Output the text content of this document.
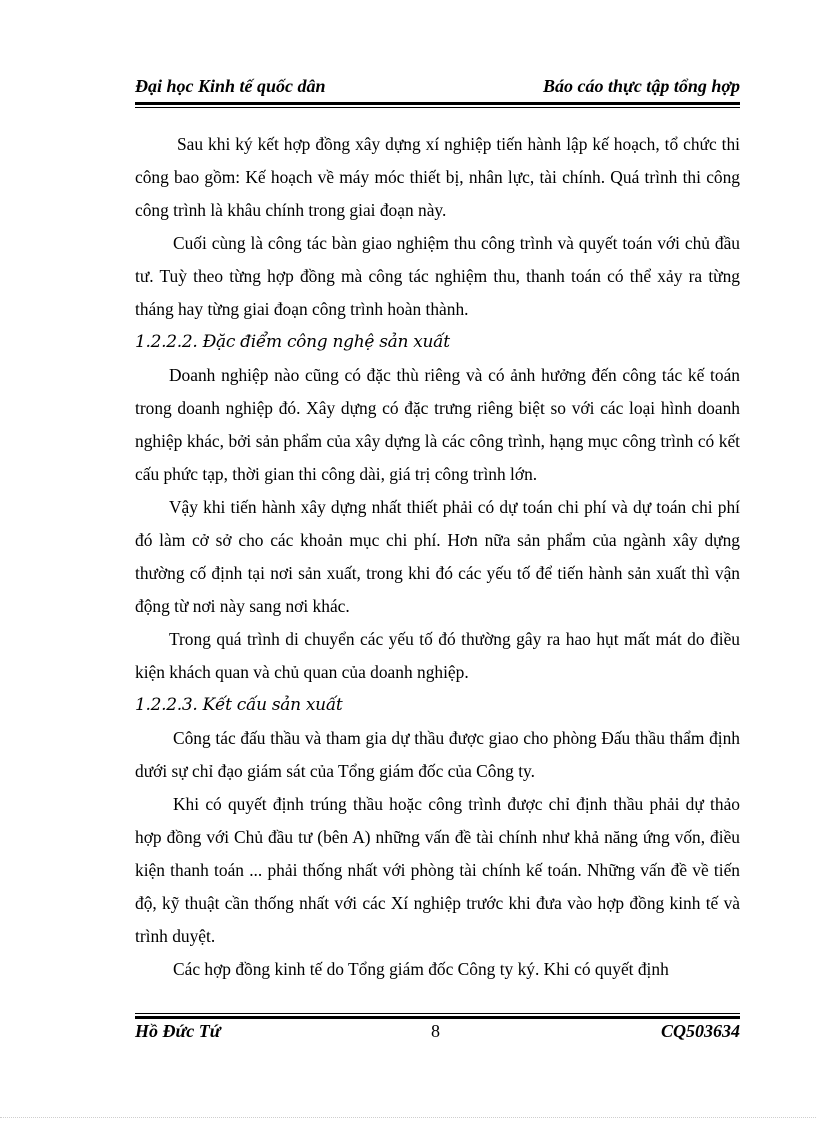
Đại học Kinh tế quốc dân	Báo cáo thực tập tổng hợp

Sau khi ký kết hợp đồng xây dựng xí nghiệp tiến hành lập kế hoạch, tổ chức thi công bao gồm: Kế hoạch về máy móc thiết bị, nhân lực, tài chính. Quá trình thi công công trình là khâu chính trong giai đoạn này.

Cuối cùng là công tác bàn giao nghiệm thu công trình và quyết toán với chủ đầu tư. Tuỳ theo từng hợp đồng mà công tác nghiệm thu, thanh toán có thể xảy ra từng tháng hay từng giai đoạn công trình hoàn thành.

1.2.2.2. Đặc điểm công nghệ sản xuất

Doanh nghiệp nào cũng có đặc thù riêng và có ảnh hưởng đến công tác kế toán trong doanh nghiệp đó. Xây dựng có đặc trưng riêng biệt so với các loại hình doanh nghiệp khác, bởi sản phẩm của xây dựng là các công trình, hạng mục công trình có kết cấu phức tạp, thời gian thi công dài, giá trị công trình lớn.

Vậy khi tiến hành xây dựng nhất thiết phải có dự toán chi phí và dự toán chi phí đó làm cở sở cho các khoản mục chi phí. Hơn nữa sản phẩm của ngành xây dựng thường cố định tại nơi sản xuất, trong khi đó các yếu tố để tiến hành sản xuất thì vận động từ nơi này sang nơi khác.

Trong quá trình di chuyển các yếu tố đó thường gây ra hao hụt mất mát do điều kiện khách quan và chủ quan của doanh nghiệp.

1.2.2.3. Kết cấu sản xuất

Công tác đấu thầu và tham gia dự thầu được giao cho phòng Đấu thầu thẩm định dưới sự chỉ đạo giám sát của Tổng giám đốc của Công ty.

Khi có quyết định trúng thầu hoặc công trình được chỉ định thầu phải dự thảo hợp đồng với Chủ đầu tư (bên A) những vấn đề tài chính như khả năng ứng vốn, điều kiện thanh toán ... phải thống nhất với phòng tài chính kế toán. Những vấn đề về tiến độ, kỹ thuật cần thống nhất với các Xí nghiệp trước khi đưa vào hợp đồng kinh tế và trình duyệt.

Các hợp đồng kinh tế do Tổng giám đốc Công ty ký. Khi có quyết định

Hồ Đức Tứ	8	CQ503634
